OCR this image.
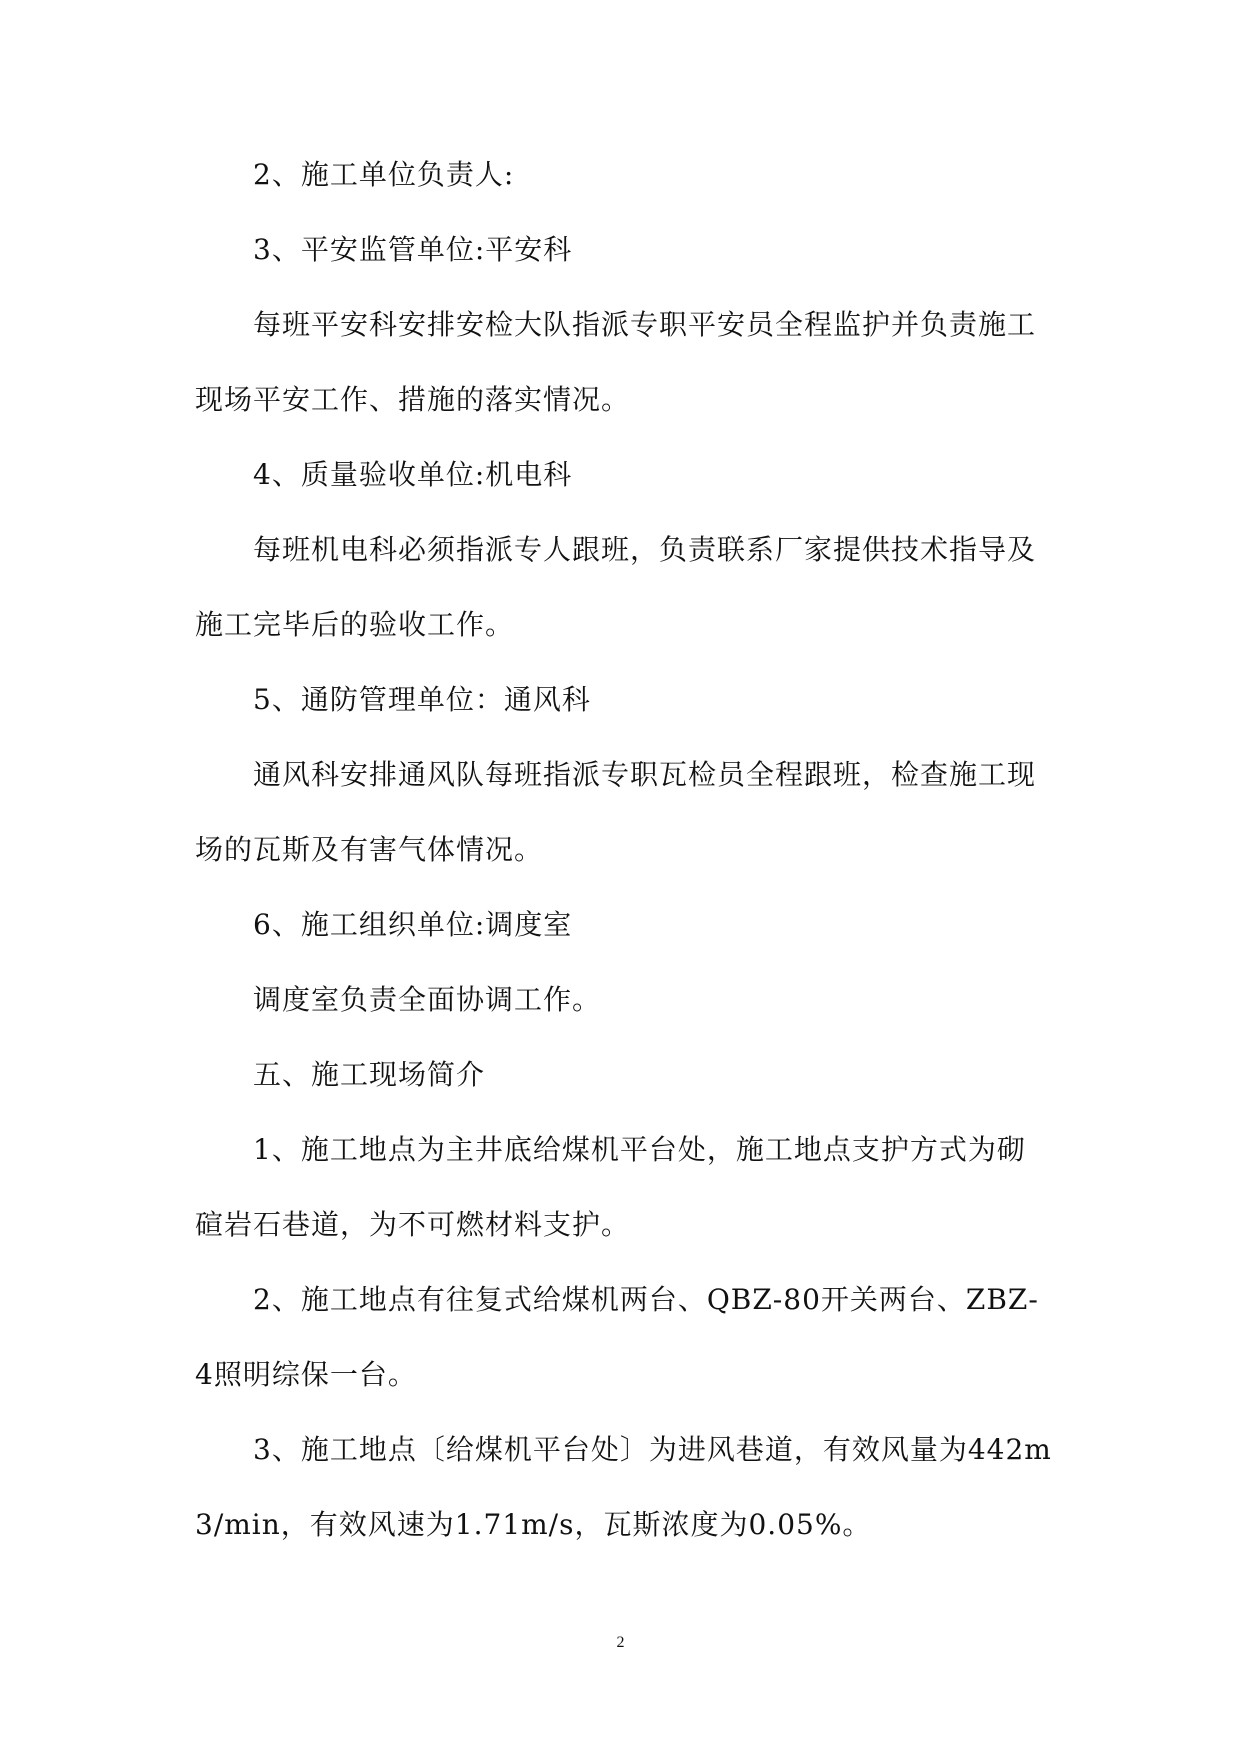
2、施工单位负责人:
3、平安监管单位:平安科
每班平安科安排安检大队指派专职平安员全程监护并负责施工
现场平安工作、措施的落实情况。
4、质量验收单位:机电科
每班机电科必须指派专人跟班，负责联系厂家提供技术指导及
施工完毕后的验收工作。
5、通防管理单位：通风科
通风科安排通风队每班指派专职瓦检员全程跟班，检查施工现
场的瓦斯及有害气体情况。
6、施工组织单位:调度室
调度室负责全面协调工作。
五、施工现场简介
1、施工地点为主井底给煤机平台处，施工地点支护方式为砌
碹岩石巷道，为不可燃材料支护。
2、施工地点有往复式给煤机两台、QBZ-80开关两台、ZBZ-
4照明综保一台。
3、施工地点〔给煤机平台处〕为进风巷道，有效风量为442m
3/min，有效风速为1.71m/s，瓦斯浓度为0.05%。
2
